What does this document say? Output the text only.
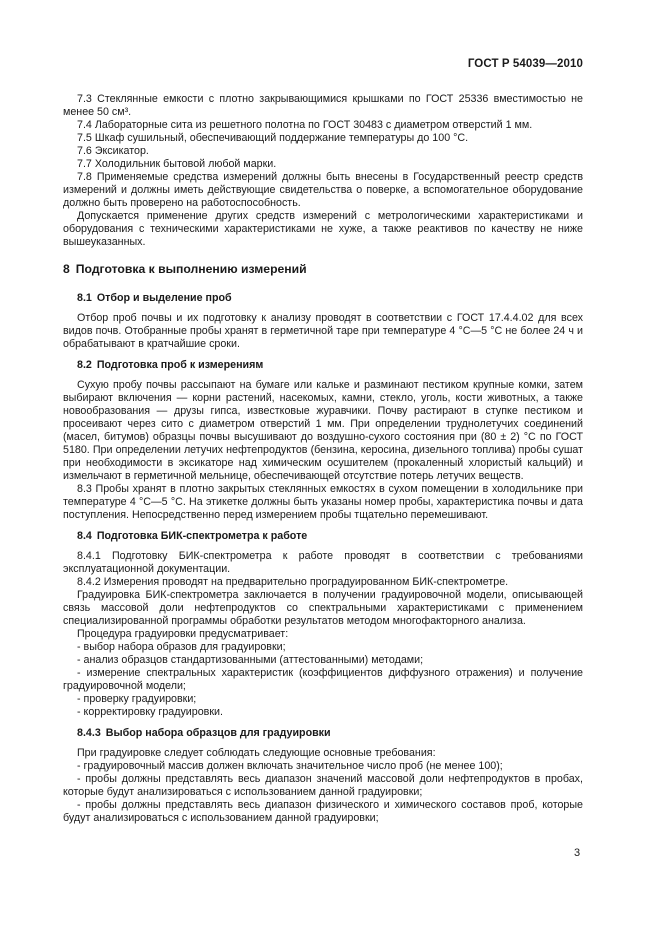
ГОСТ Р 54039—2010

7.3 Стеклянные емкости с плотно закрывающимися крышками по ГОСТ 25336 вместимостью не менее 50 см³.

7.4 Лабораторные сита из решетного полотна по ГОСТ 30483 с диаметром отверстий 1 мм.

7.5 Шкаф сушильный, обеспечивающий поддержание температуры до 100 °С.

7.6 Эксикатор.

7.7 Холодильник бытовой любой марки.

7.8 Применяемые средства измерений должны быть внесены в Государственный реестр средств измерений и должны иметь действующие свидетельства о поверке, а вспомогательное оборудование должно быть проверено на работоспособность.

Допускается применение других средств измерений с метрологическими характеристиками и оборудования с техническими характеристиками не хуже, а также реактивов по качеству не ниже вышеуказанных.

8 Подготовка к выполнению измерений
8.1 Отбор и выделение проб

Отбор проб почвы и их подготовку к анализу проводят в соответствии с ГОСТ 17.4.4.02 для всех видов почв. Отобранные пробы хранят в герметичной таре при температуре 4 °С—5 °С не более 24 ч и обрабатывают в кратчайшие сроки.

8.2 Подготовка проб к измерениям

Сухую пробу почвы рассыпают на бумаге или кальке и разминают пестиком крупные комки, затем выбирают включения — корни растений, насекомых, камни, стекло, уголь, кости животных, а также новообразования — друзы гипса, известковые журавчики. Почву растирают в ступке пестиком и просеивают через сито с диаметром отверстий 1 мм. При определении труднолетучих соединений (масел, битумов) образцы почвы высушивают до воздушно-сухого состояния при (80 ± 2) °С по ГОСТ 5180. При определении летучих нефтепродуктов (бензина, керосина, дизельного топлива) пробы сушат при необходимости в эксикаторе над химическим осушителем (прокаленный хлористый кальций) и измельчают в герметичной мельнице, обеспечивающей отсутствие потерь летучих веществ.

8.3 Пробы хранят в плотно закрытых стеклянных емкостях в сухом помещении в холодильнике при температуре 4 °С—5 °С. На этикетке должны быть указаны номер пробы, характеристика почвы и дата поступления. Непосредственно перед измерением пробы тщательно перемешивают.

8.4 Подготовка БИК-спектрометра к работе

8.4.1 Подготовку БИК-спектрометра к работе проводят в соответствии с требованиями эксплуатационной документации.

8.4.2 Измерения проводят на предварительно проградуированном БИК-спектрометре.

Градуировка БИК-спектрометра заключается в получении градуировочной модели, описывающей связь массовой доли нефтепродуктов со спектральными характеристиками с применением специализированной программы обработки результатов методом многофакторного анализа.

Процедура градуировки предусматривает:

- выбор набора образов для градуировки;

- анализ образцов стандартизованными (аттестованными) методами;

- измерение спектральных характеристик (коэффициентов диффузного отражения) и получение градуировочной модели;

- проверку градуировки;

- корректировку градуировки.

8.4.3 Выбор набора образцов для градуировки

При градуировке следует соблюдать следующие основные требования:

- градуировочный массив должен включать значительное число проб (не менее 100);

- пробы должны представлять весь диапазон значений массовой доли нефтепродуктов в пробах, которые будут анализироваться с использованием данной градуировки;

- пробы должны представлять весь диапазон физического и химического составов проб, которые будут анализироваться с использованием данной градуировки;

3
